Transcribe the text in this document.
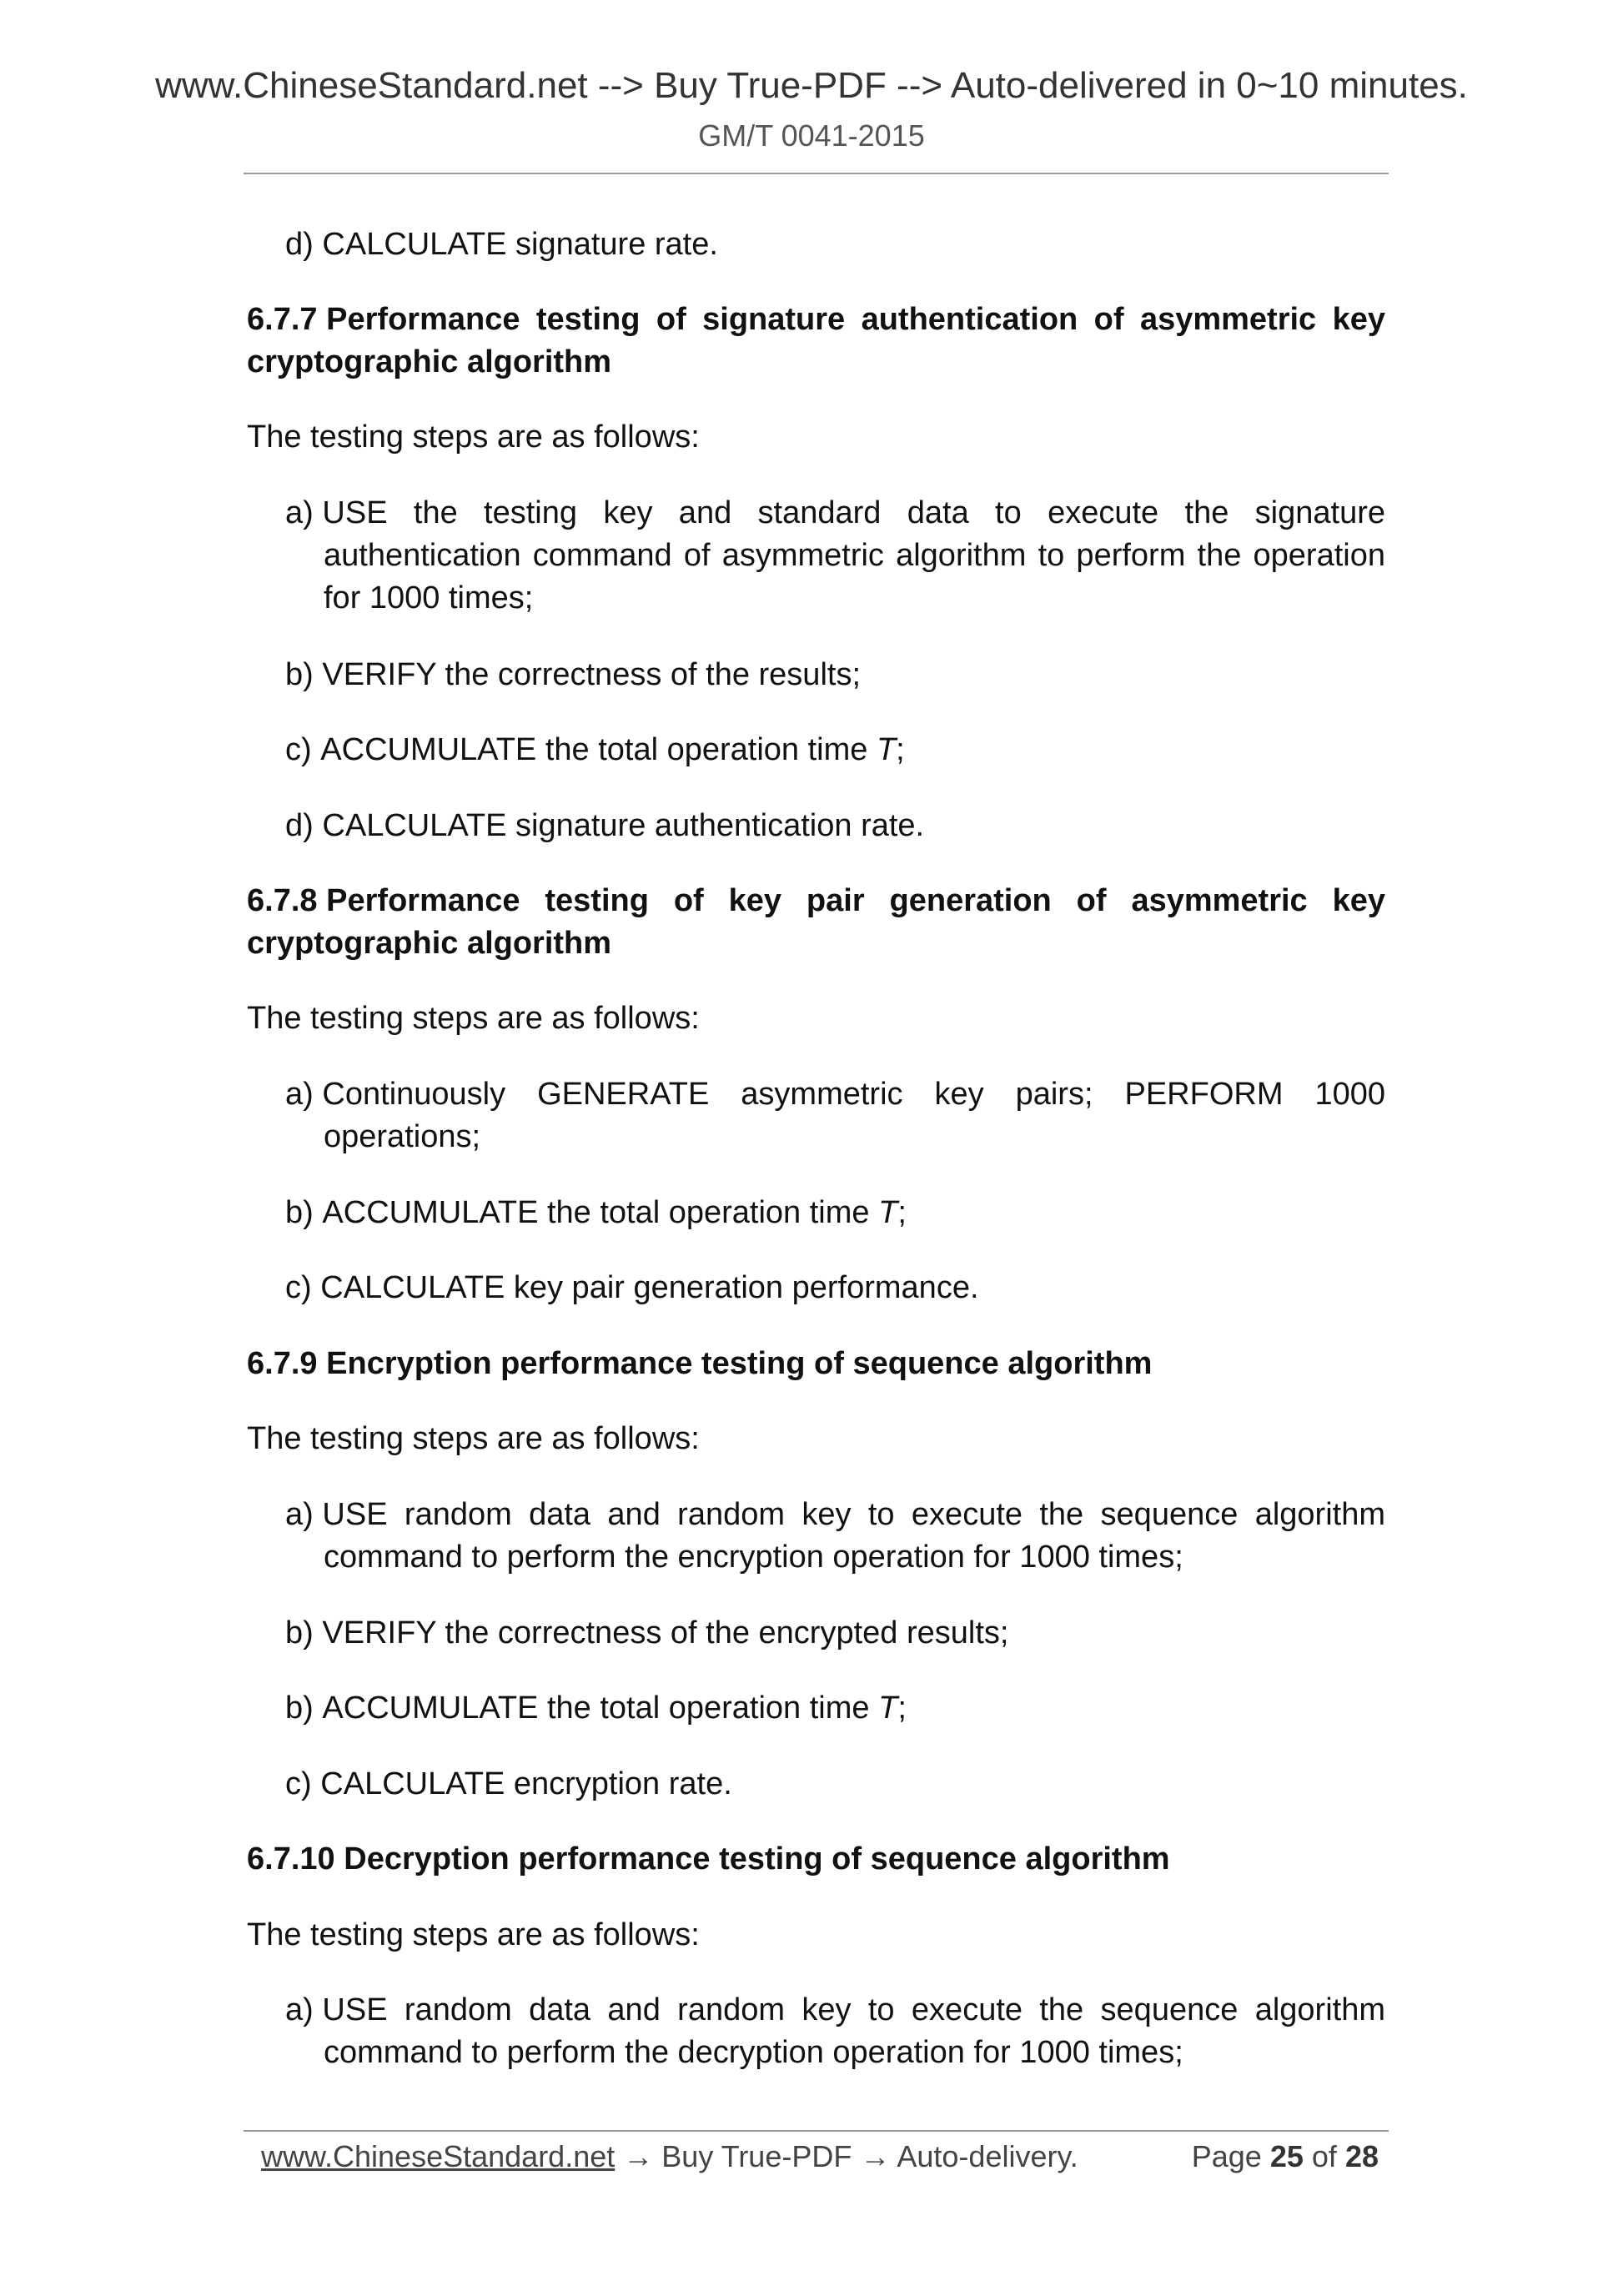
www.ChineseStandard.net --> Buy True-PDF --> Auto-delivered in 0~10 minutes.
GM/T 0041-2015
d) CALCULATE signature rate.
6.7.7 Performance testing of signature authentication of asymmetric key cryptographic algorithm
The testing steps are as follows:
a) USE the testing key and standard data to execute the signature authentication command of asymmetric algorithm to perform the operation for 1000 times;
b) VERIFY the correctness of the results;
c) ACCUMULATE the total operation time T;
d) CALCULATE signature authentication rate.
6.7.8 Performance testing of key pair generation of asymmetric key cryptographic algorithm
The testing steps are as follows:
a) Continuously GENERATE asymmetric key pairs; PERFORM 1000 operations;
b) ACCUMULATE the total operation time T;
c) CALCULATE key pair generation performance.
6.7.9 Encryption performance testing of sequence algorithm
The testing steps are as follows:
a) USE random data and random key to execute the sequence algorithm command to perform the encryption operation for 1000 times;
b) VERIFY the correctness of the encrypted results;
b) ACCUMULATE the total operation time T;
c) CALCULATE encryption rate.
6.7.10 Decryption performance testing of sequence algorithm
The testing steps are as follows:
a) USE random data and random key to execute the sequence algorithm command to perform the decryption operation for 1000 times;
www.ChineseStandard.net → Buy True-PDF → Auto-delivery.	Page 25 of 28
